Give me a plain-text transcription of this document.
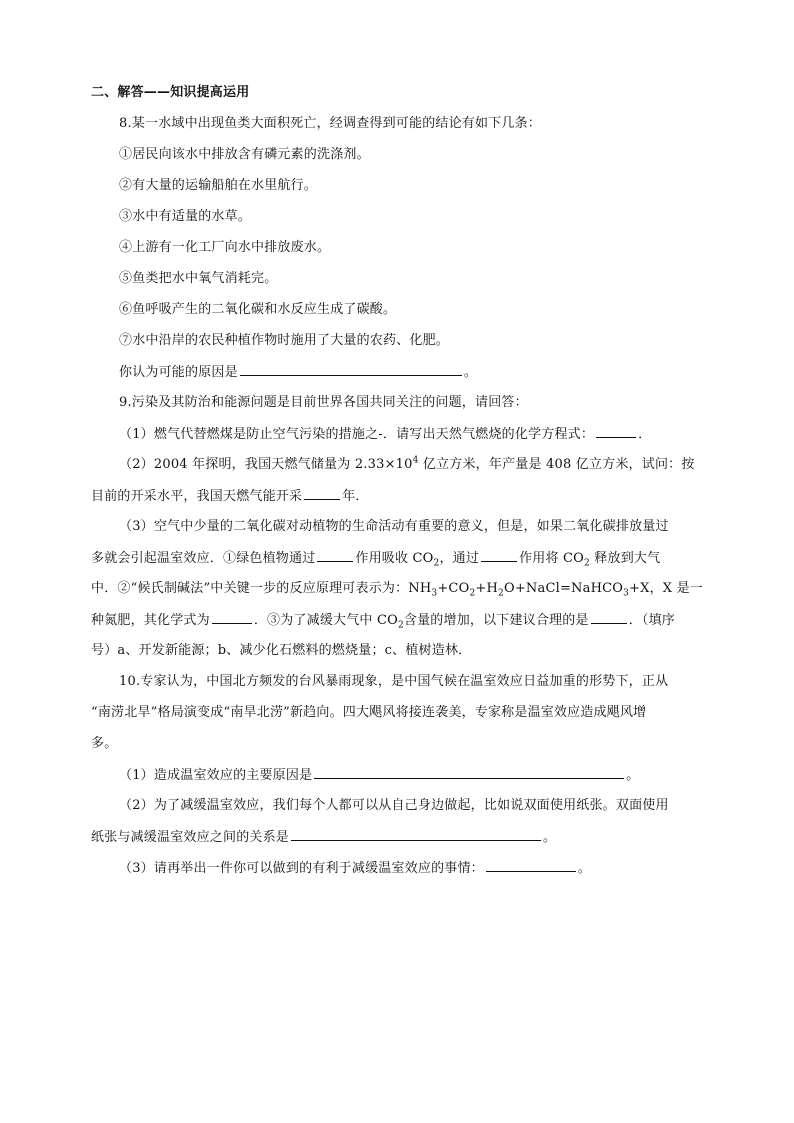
二、解答——知识提高运用
8.某一水域中出现鱼类大面积死亡，经调查得到可能的结论有如下几条：
①居民向该水中排放含有磷元素的洗涤剂。
②有大量的运输船舶在水里航行。
③水中有适量的水草。
④上游有一化工厂向水中排放废水。
⑤鱼类把水中氧气消耗完。
⑥鱼呼吸产生的二氧化碳和水反应生成了碳酸。
⑦水中沿岸的农民种植作物时施用了大量的农药、化肥。
你认为可能的原因是	。
9.污染及其防治和能源问题是目前世界各国共同关注的问题，请回答：
（1）燃气代替燃煤是防止空气污染的措施之-．请写出天然气燃烧的化学方程式：	．
（2）2004 年探明，我国天燃气储量为 $2.33\times 10^4$ 亿立方米，年产量是 408 亿立方米，试问：按
目前的开采水平，我国天燃气能开采	年．
（3）空气中少量的二氧化碳对动植物的生命活动有重要的意义，但是，如果二氧化碳排放量过
多就会引起温室效应．①绿色植物通过	作用吸收 $CO_2$，通过	作用将 $CO_2$ 释放到大气
中．②“候氏制碱法”中关键一步的反应原理可表示为：$NH_3+CO_2+H_2O+NaCl=NaHCO_3+X$，X 是一
种氮肥，其化学式为	．③为了减缓大气中 $CO_2$含量的增加，以下建议合理的是	．（填序
号）a、开发新能源；b、减少化石燃料的燃烧量；c、植树造林．
10.专家认为，中国北方频发的台风暴雨现象，是中国气候在温室效应日益加重的形势下，正从
“南涝北旱”格局演变成“南旱北涝”新趋向。四大飓风将接连袭美，专家称是温室效应造成飓风增
多。
（1）造成温室效应的主要原因是	。
（2）为了减缓温室效应，我们每个人都可以从自己身边做起，比如说双面使用纸张。双面使用
纸张与减缓温室效应之间的关系是	。
（3）请再举出一件你可以做到的有利于减缓温室效应的事情：	。
